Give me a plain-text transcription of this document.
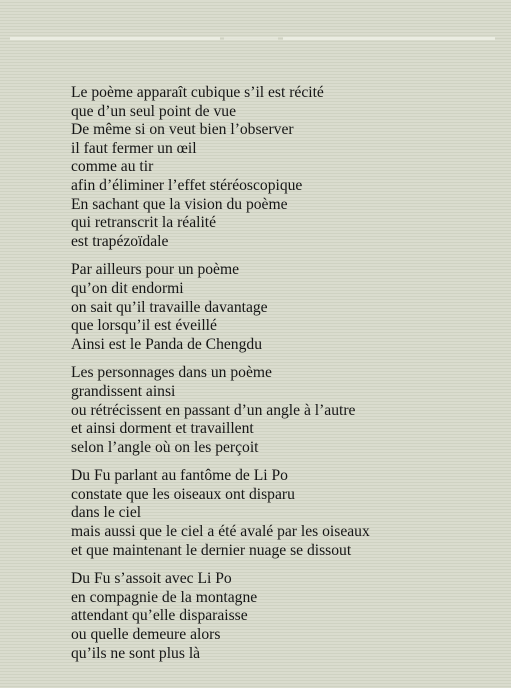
Le poème apparaît cubique s’il est récité
que d’un seul point de vue
De même si on veut bien l’observer
il faut fermer un œil
comme au tir
afin d’éliminer l’effet stéréoscopique
En sachant que la vision du poème
qui retranscrit la réalité
est trapézoïdale

Par ailleurs pour un poème
qu’on dit endormi
on sait qu’il travaille davantage
que lorsqu’il est éveillé
Ainsi est le Panda de Chengdu

Les personnages dans un poème
grandissent ainsi
ou rétrécissent en passant d’un angle à l’autre
et ainsi dorment et travaillent
selon l’angle où on les perçoit

Du Fu parlant au fantôme de Li Po
constate que les oiseaux ont disparu
dans le ciel
mais aussi que le ciel a été avalé par les oiseaux
et que maintenant le dernier nuage se dissout

Du Fu s’assoit avec Li Po
en compagnie de la montagne
attendant qu’elle disparaisse
ou quelle demeure alors
qu’ils ne sont plus là
